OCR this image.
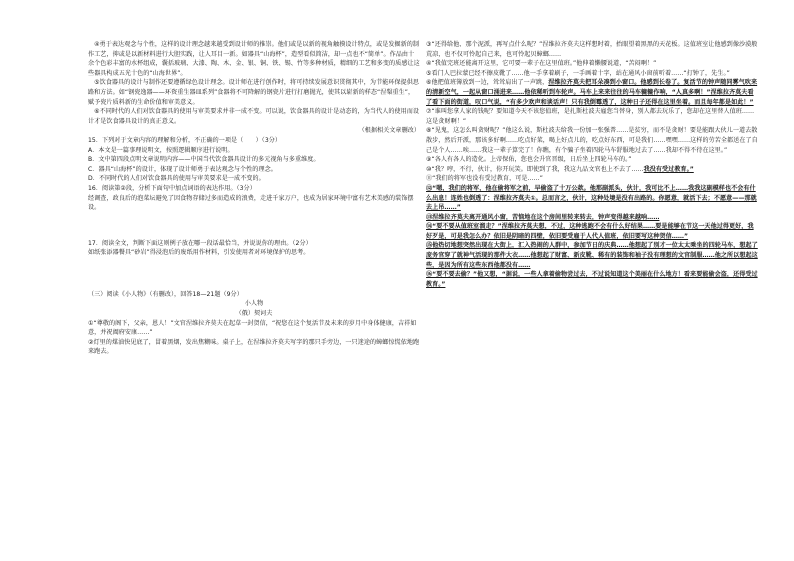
④勇于表达观念与个性，这样的设计理念越来越受到设计师的推崇。他们或是以新的视角触摸设计特点，或是发掘新的制作工艺，抑或是以新材料进行大胆实践，让人耳目一新。如器具“山海杯”，造型看似简洁，却一点也不“简单”。作品由十余个色彩丰富的水杯组成，囊括玻璃、大漆、陶、木、金、银、铜、铁、锡、竹等多种材质，精细的工艺和多变的质感让这些器具构成五光十色的“山海世界”。

⑤饮食器具的设计与制作还要遵循绿色设计理念。设计师在进行创作时，将可持续发展意识贯彻其中，为节能环保提供思路和方法。如“钢瓷逸器——环资重生器皿系列”食器将不可降解的钢瓷片进行打磨抛光，使其以崭新的样态“涅槃重生”，赋予瓷片质料新的生命价值和审美意义。

⑥不同时代的人们对饮食器具的使用与审美要求并非一成不变。可以说，饮食器具的设计是动态的，为当代人的使用而设计才是饮食器具设计的真正意义。

（根据相关文章删改）

15．下列对于文章内容的理解和分析，不正确的一项是（　　）（3分）

A．本文是一篇事理说明文，按照逻辑顺序进行说明。

B．文中第四段点明文章说明内容——中国当代饮食器具设计的多元视角与多重维度。

C．器具“山海杯”的设计，体现了设计师勇于表达观念与个性的理念。

D．不同时代的人们对饮食器具的使用与审美要求是一成不变的。

16．阅读第②段，分析下面句中加点词语的表达作用。（3分）

经调查，政良后的泡菜坛避免了因食物存储过多而造成的浪费，走进千家万户，也成为居家环境中富有艺术美感的装饰摆设。

17．阅读全文，判断下面这则例子放在哪一段话最恰当，并说说你的理由。（2分）

如纸张添器餐具“砂岩”得浸泡后的废纸用作材料，引发使用者对环境保护的思考。

（三）阅读《小人物》（有删改），回答18—21题（9分）

小人物

（俄）契诃夫

①“尊敬的阁下，父亲，恩人！”文官涅维拉齐莫夫在起草一封贺信，“祝您在这个复活节及未来的岁月中身体健康，吉祥如意，并祝阖府安康……”

②灯里的煤油快见底了，冒着黑烟，发出焦糊味。桌子上，在涅维拉齐莫夫写字的那只手旁边，一只迷途的蟑螂惊慌依地跑来跑去。

③“还得给他、那个泥派，再写点什么呢？”涅维拉齐莫夫这样想时着，抬眼望着黑黑的天花板。这值班室让他感到像沙漠般荒凉，也不仅可怜起自己来，也可怜起贝蟑螂……

④“我值完班还能离开这里，它可要一辈子在这里值班。”他伸着懒腰说道，“苦闷啊！”

⑤看门人巴拉蒙已经不擦皮靴了……他一手拿着刷子，一手画着十字，站在通风小窗前听着……“打钟了，先生。”

⑥他把值班簿放到一边，耸耸肩出了一声跳，涅维拉齐莫夫把耳朵凑到小窗口。他感到长卷了。复活节的钟声随同雾气吹来的清新空气，一起从窗口涌进来……他依稀听到车轮声。马车上来来往往的马车辘辘作响，“人真多啊！”涅维拉齐莫夫看了看下面的街道，叹口气说，“有多少欢声和谈话声！只有我倒霉透了，这种日子还得在这里坐着。而且每年都是如此！”

⑦“谁叫您拿人家的钱呢？要知道今天不该您值班，是扎斯杜波夫雇您当替身，别人都去玩乐了，您却在这里替人值班……这是贪财啊！”

⑧“见鬼，这怎么叫贪财呢？”他这么说，斯杜波夫给我一份加一张强普……是贫穷，而不是贪财！要是能跟大伙儿一道去散散步，然后开派，那该多好啊……吃点好菜，喝上好点儿的，吃点好东西，可是我们……嘿嘿……这样的劳苦全都送在了自己是个人……唉……我这一辈子算完了！你瞧，有个骗子坐着四轮马车舒服地过去了……我却不得不待在这里。”

⑨“各人有各人的造化。上帝保佑，您也会升官晋级，日后坐上四轮马车的。”

⑩“我？哼，不行，伙计，你开玩笑。即使到了我，我这九品文官也上不去了……我没有受过教育。”

⑪“我们的将军也没有受过教育，可是……”

⑫“嗯，我们的将军，他在偷将军之前，早偷盗了十万公款。他那副派头，伙计，我可比不上……我我这副模样也不会有什么出息！连姓也倒透了：涅维拉齐莫夫①。总而言之，伙计，这种处境是没有出路的。你愿意，就活下去；不愿意——那就去上吊……”

⑬涅维拉齐莫夫离开通风小窗，苦恼地在这个房间里转来转去，钟声变得越来越响……

⑭“要不要从值班室溜走？”涅维拉齐莫夫想，不过，这种逃跑不会有什么好结果……要是能够在节这一天他过得更好，我好歹是，可是我怎么办？依旧是阴暗的四壁，依旧要受雇于人代人值班，依旧要写这种贺信……”

⑮他热切地想突然出现在大街上，汇入热闹的人群中，参加节日的庆典……他想起了别才一位太太乘坐的四轮马车，想起了庞务官穿了就神气活现的那件大衣……他想起了财富、新皮靴、稀有的装饰和袖子没有理想的文官制服……他之所以想起这些，是因为所有这些东西他都没有……

⑯“要不要去偷？”他又想，“据说，一些人拿着偷物尝过去，不过说知道这个美丽在什么地方！看来要能偷会盗，还得受过教育。”
